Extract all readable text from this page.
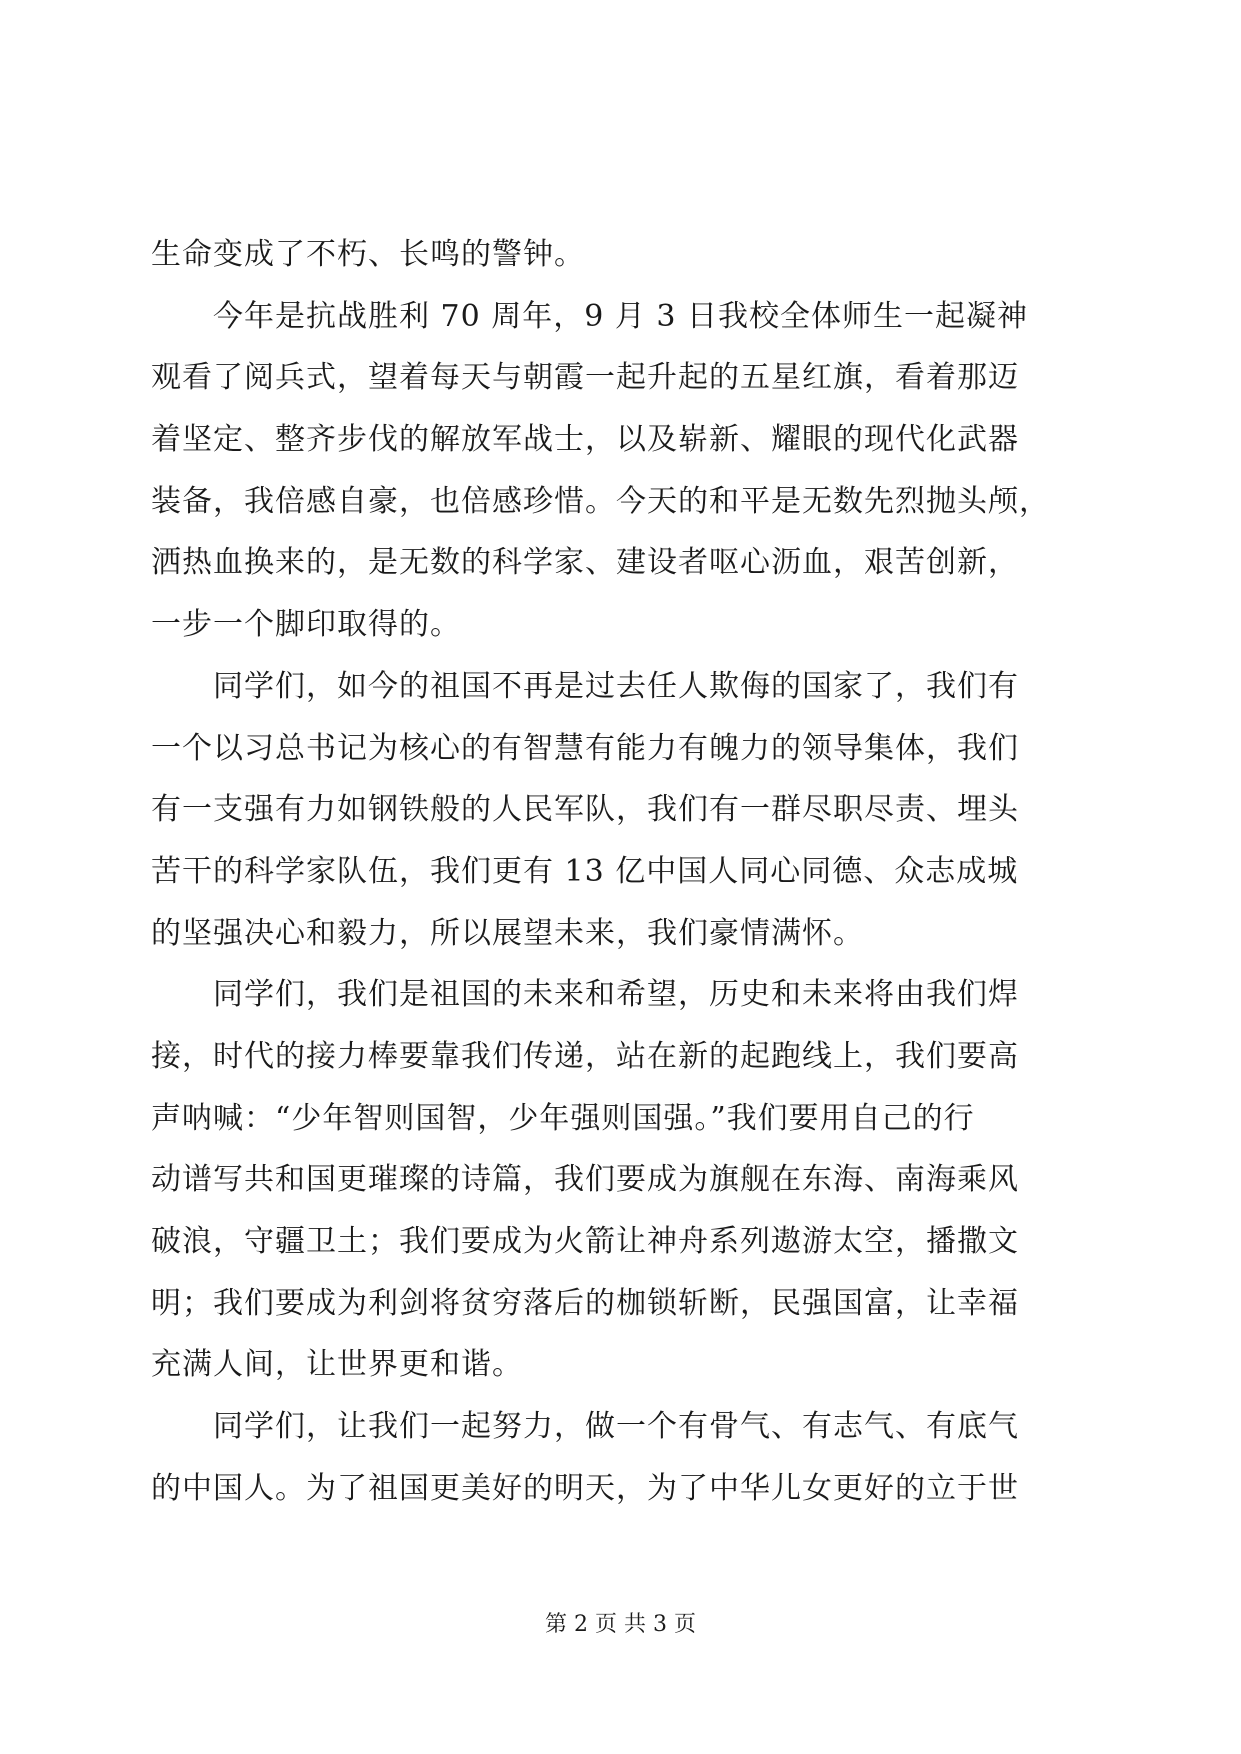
生命变成了不朽、长鸣的警钟。
　　今年是抗战胜利 70 周年，9 月 3 日我校全体师生一起凝神
观看了阅兵式，望着每天与朝霞一起升起的五星红旗，看着那迈
着坚定、整齐步伐的解放军战士，以及崭新、耀眼的现代化武器
装备，我倍感自豪，也倍感珍惜。今天的和平是无数先烈抛头颅，
洒热血换来的，是无数的科学家、建设者呕心沥血，艰苦创新，
一步一个脚印取得的。
　　同学们，如今的祖国不再是过去任人欺侮的国家了，我们有
一个以习总书记为核心的有智慧有能力有魄力的领导集体，我们
有一支强有力如钢铁般的人民军队，我们有一群尽职尽责、埋头
苦干的科学家队伍，我们更有 13 亿中国人同心同德、众志成城
的坚强决心和毅力，所以展望未来，我们豪情满怀。
　　同学们，我们是祖国的未来和希望，历史和未来将由我们焊
接，时代的接力棒要靠我们传递，站在新的起跑线上，我们要高
声呐喊：“少年智则国智，少年强则国强。”我们要用自己的行
动谱写共和国更璀璨的诗篇，我们要成为旗舰在东海、南海乘风
破浪，守疆卫土；我们要成为火箭让神舟系列遨游太空，播撒文
明；我们要成为利剑将贫穷落后的枷锁斩断，民强国富，让幸福
充满人间，让世界更和谐。
　　同学们，让我们一起努力，做一个有骨气、有志气、有底气
的中国人。为了祖国更美好的明天，为了中华儿女更好的立于世
第 2 页 共 3 页
